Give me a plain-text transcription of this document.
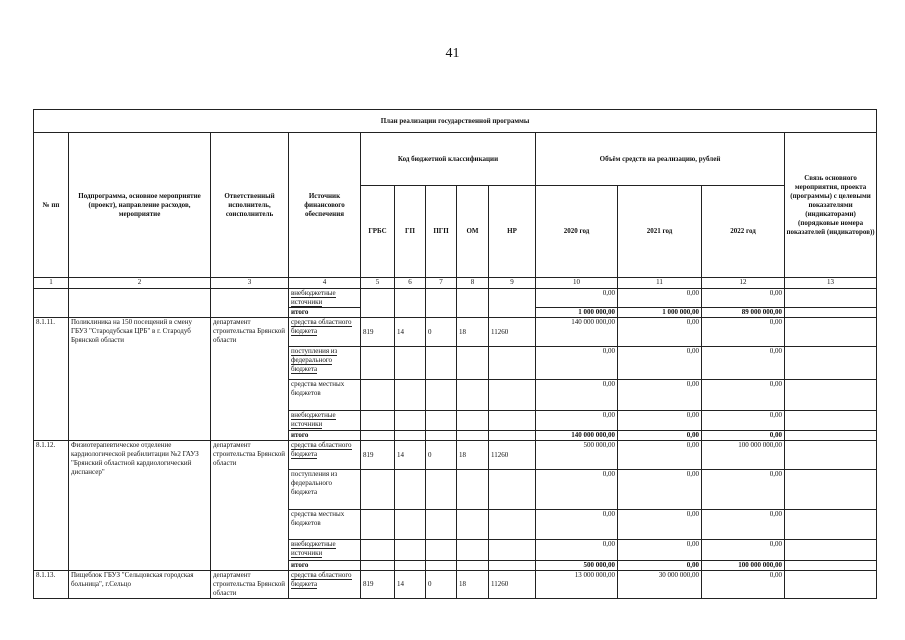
41
План реализации государственной программы												
№ пп	Подпрограмма, основное мероприятие (проект), направление расходов, мероприятие	Ответственный исполнитель, соисполнитель	Источник финансового обеспечения	Код бюджетной классификации					Объём средств на реализацию, рублей			Связь основного мероприятия, проекта (программы) с целевыми показателями (индикаторами) (порядковые номера показателей (индикаторов))
				ГРБС	ГП	ПГП	ОМ	НР	2020 год	2021 год	2022 год	
1	2	3	4	5	6	7	8	9	10	11	12	13
			внебюджетные источники						0,00	0,00	0,00	
			итого						1 000 000,00	1 000 000,00	89 000 000,00	
8.1.11.	Поликлиника на 150 посещений в смену ГБУЗ "Стародубская ЦРБ" в г. Стародуб Брянской области	департамент строительства Брянской области	средства областного бюджета	819	14	0	18	11260	140 000 000,00	0,00	0,00	
			поступления из федерального бюджета						0,00	0,00	0,00	
			средства местных бюджетов						0,00	0,00	0,00	
			внебюджетные источники						0,00	0,00	0,00	
			итого						140 000 000,00	0,00	0,00	
8.1.12.	Физиотерапевтическое отделение кардиологической реабилитации №2 ГАУЗ "Брянский областной кардиологический диспансер"	департамент строительства Брянской области	средства областного бюджета	819	14	0	18	11260	500 000,00	0,00	100 000 000,00	
			поступления из федерального бюджета						0,00	0,00	0,00	
			средства местных бюджетов						0,00	0,00	0,00	
			внебюджетные источники						0,00	0,00	0,00	
			итого						500 000,00	0,00	100 000 000,00	
8.1.13.	Пищеблок ГБУЗ "Сельцовская городская больница", г.Сельцо	департамент строительства Брянской области	средства областного бюджета	819	14	0	18	11260	13 000 000,00	30 000 000,00	0,00	
